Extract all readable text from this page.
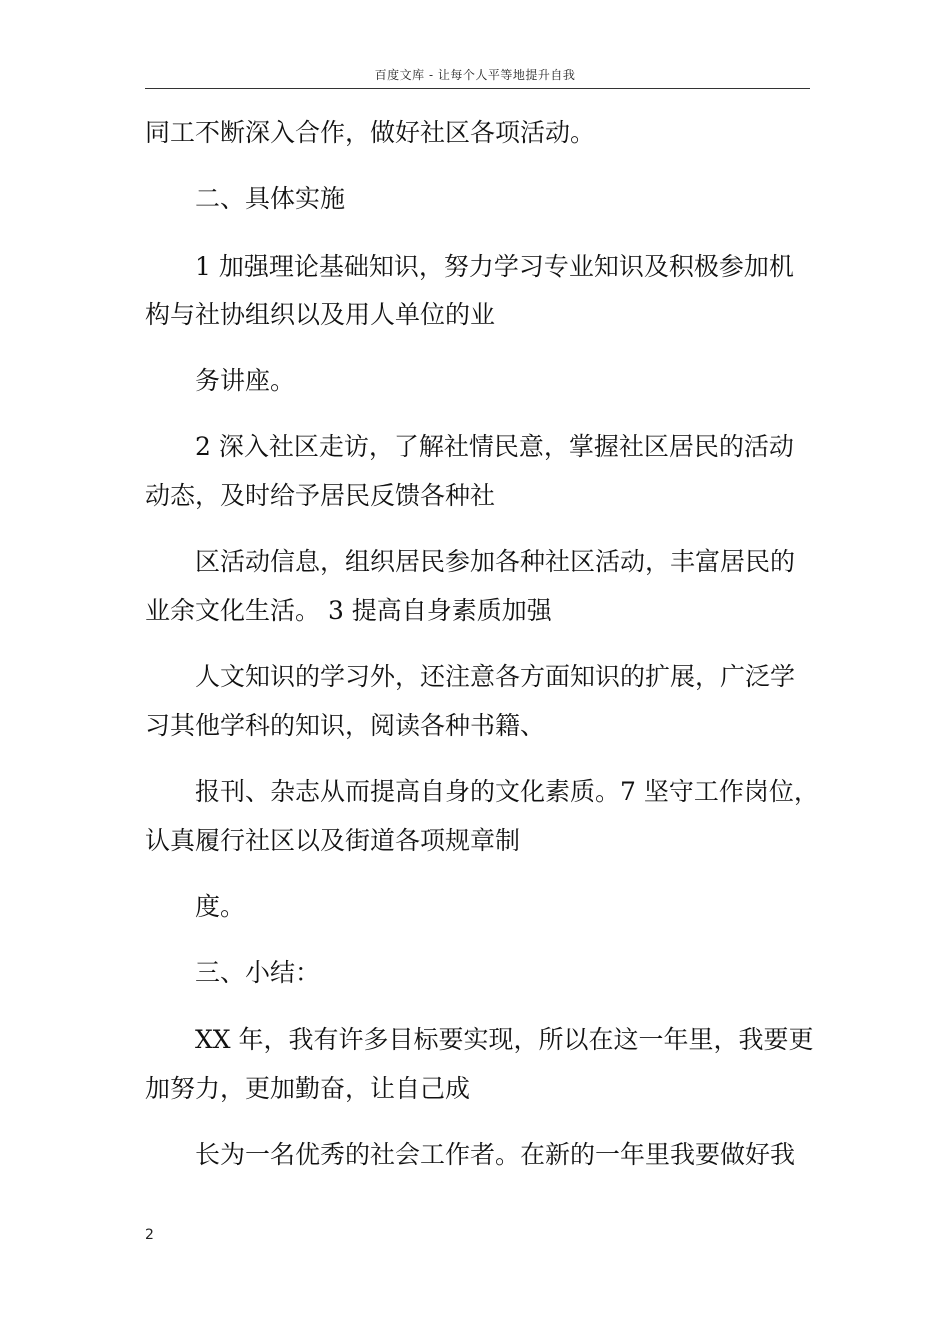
百度文库 - 让每个人平等地提升自我
同工不断深入合作，做好社区各项活动。
二、具体实施
1 加强理论基础知识，努力学习专业知识及积极参加机
构与社协组织以及用人单位的业
务讲座。
2 深入社区走访，了解社情民意，掌握社区居民的活动
动态，及时给予居民反馈各种社
区活动信息，组织居民参加各种社区活动，丰富居民的
业余文化生活。 3 提高自身素质加强
人文知识的学习外，还注意各方面知识的扩展，广泛学
习其他学科的知识，阅读各种书籍、
报刊、杂志从而提高自身的文化素质。7 坚守工作岗位，
认真履行社区以及街道各项规章制
度。
三、小结：
XX 年，我有许多目标要实现，所以在这一年里，我要更
加努力，更加勤奋，让自己成
长为一名优秀的社会工作者。在新的一年里我要做好我
2
